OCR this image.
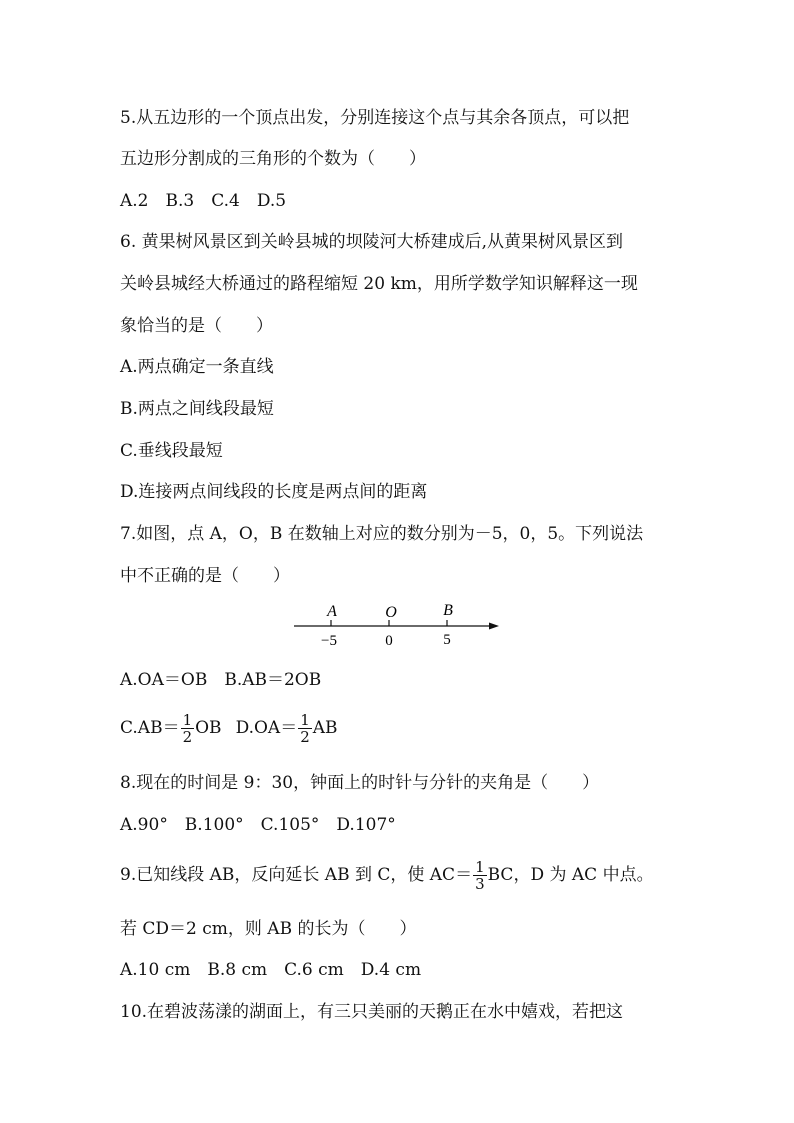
5.从五边形的一个顶点出发，分别连接这个点与其余各顶点，可以把
五边形分割成的三角形的个数为（　　）
A.2　B.3　C.4　D.5
6. 黄果树风景区到关岭县城的坝陵河大桥建成后,从黄果树风景区到
关岭县城经大桥通过的路程缩短 20 km，用所学数学知识解释这一现
象恰当的是（　　）
A.两点确定一条直线
B.两点之间线段最短
C.垂线段最短
D.连接两点间线段的长度是两点间的距离
7.如图，点 A，O，B 在数轴上对应的数分别为－5，0，5。下列说法
中不正确的是（　　）
A	O	B
−5	0	5
A.OA＝OB　B.AB＝2OB
$C.AB= \frac{1}{2}$ OB $D.OA= \frac{1}{2}$ AB
8.现在的时间是 9：30，钟面上的时针与分针的夹角是（　　）
A.90°　B.100°　C.105°　D.107°
9.已知线段 AB，反向延长 AB 到 C，使 $AC= \frac{1}{3}$ BC，D 为 AC 中点。
若 CD＝2 cm，则 AB 的长为（　　）
A.10 cm　B.8 cm　C.6 cm　D.4 cm
10.在碧波荡漾的湖面上，有三只美丽的天鹅正在水中嬉戏，若把这
